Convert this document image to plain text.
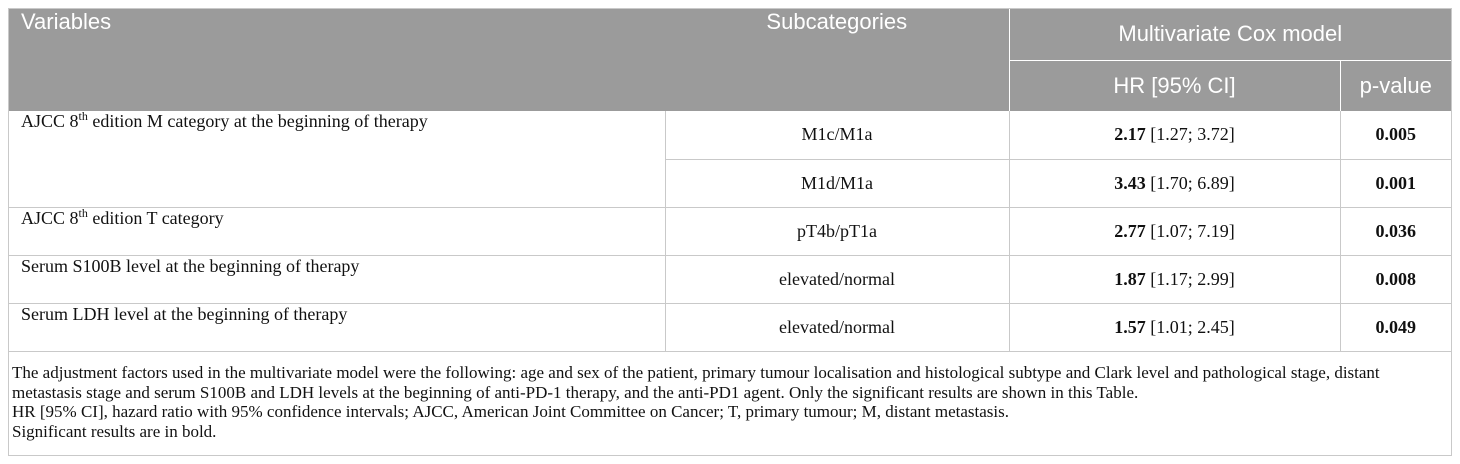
Variables	Subcategories	Multivariate Cox model	
		HR [95% CI]	p-value
AJCC 8th edition M category at the beginning of therapy	M1c/M1a	2.17 [1.27; 3.72]	0.005
	M1d/M1a	3.43 [1.70; 6.89]	0.001
AJCC 8th edition T category	pT4b/pT1a	2.77 [1.07; 7.19]	0.036
Serum S100B level at the beginning of therapy	elevated/normal	1.87 [1.17; 2.99]	0.008
Serum LDH level at the beginning of therapy	elevated/normal	1.57 [1.01; 2.45]	0.049

The adjustment factors used in the multivariate model were the following: age and sex of the patient, primary tumour localisation and histological subtype and Clark level and pathological stage, distant metastasis stage and serum S100B and LDH levels at the beginning of anti-PD-1 therapy, and the anti-PD1 agent. Only the significant results are shown in this Table.

HR [95% CI], hazard ratio with 95% confidence intervals; AJCC, American Joint Committee on Cancer; T, primary tumour; M, distant metastasis.

Significant results are in bold.
